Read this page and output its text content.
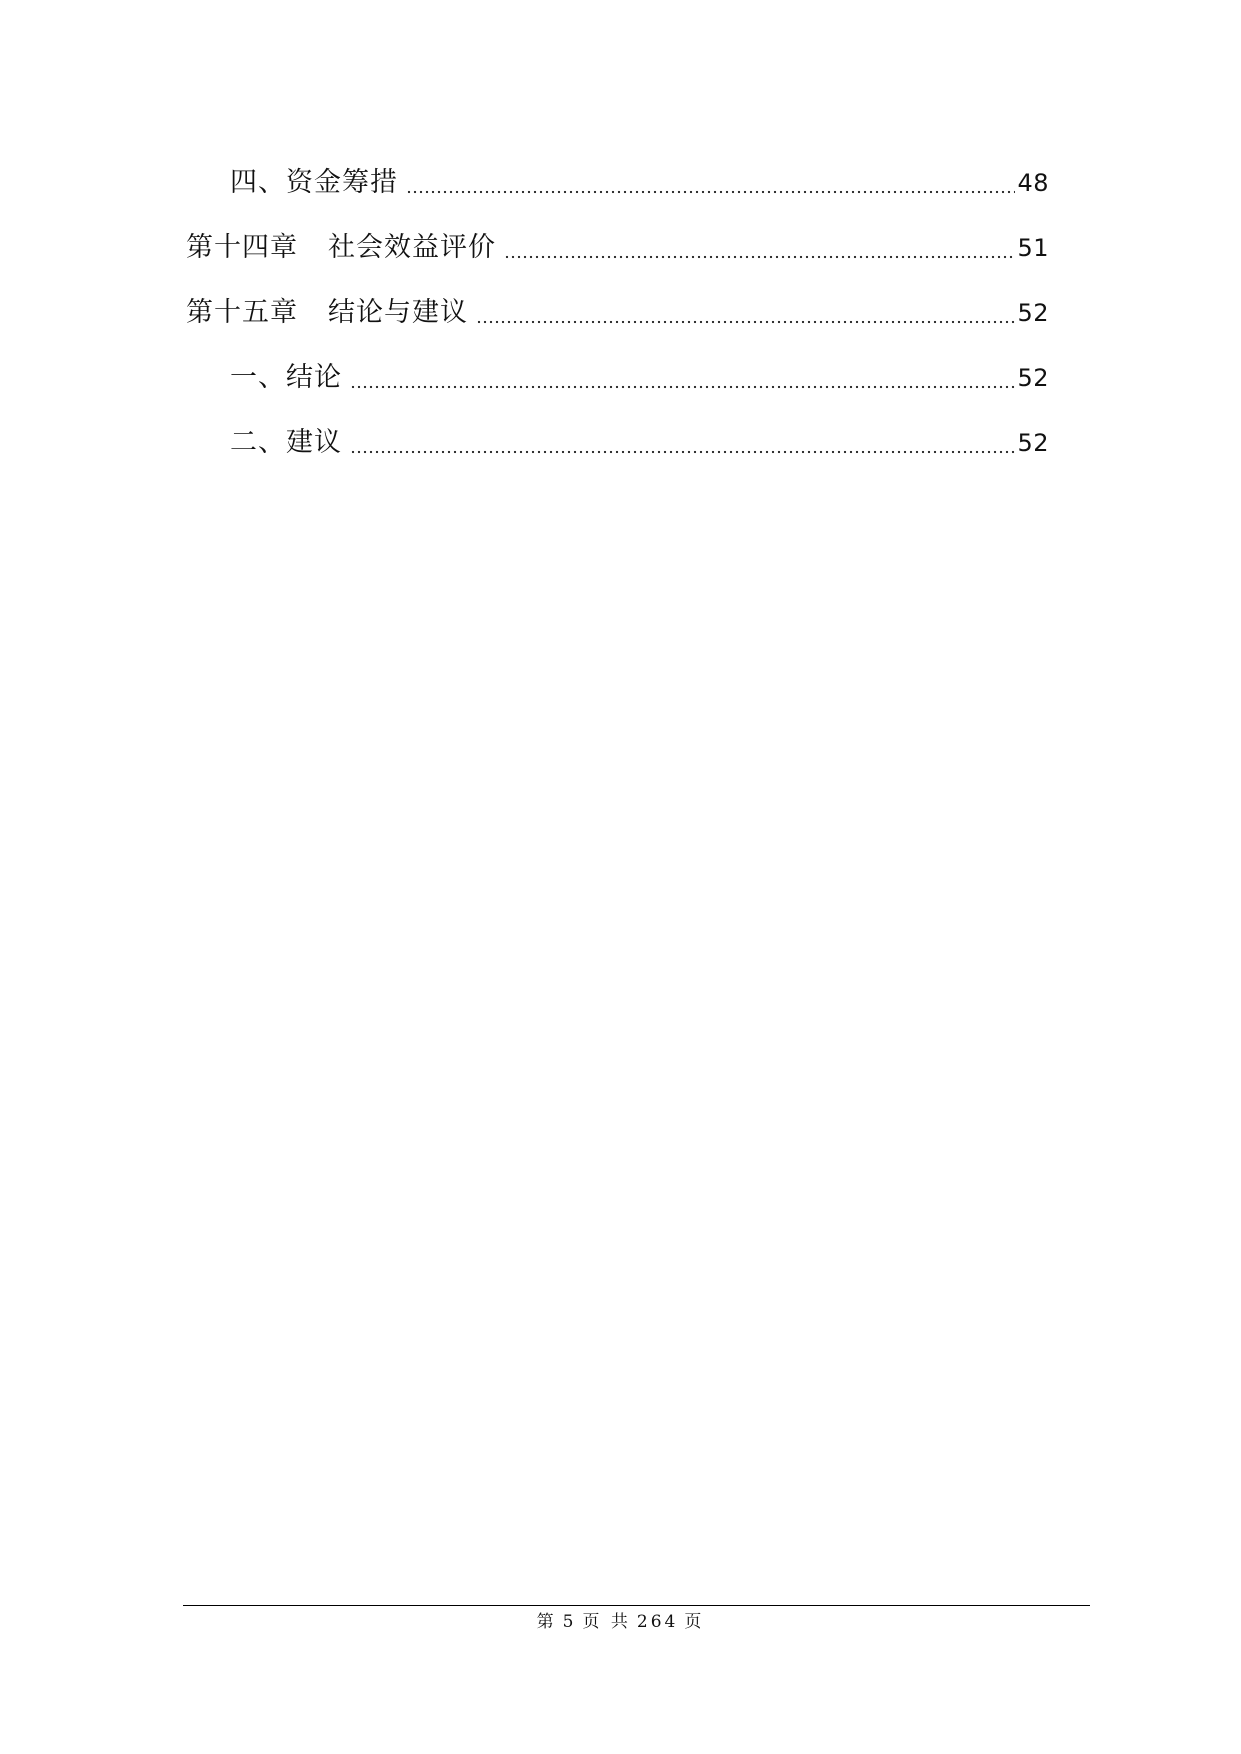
四、资金筹措	48
第十四章 社会效益评价	51
第十五章 结论与建议	52
一、结论	52
二、建议	52
第 5 页 共 264 页
